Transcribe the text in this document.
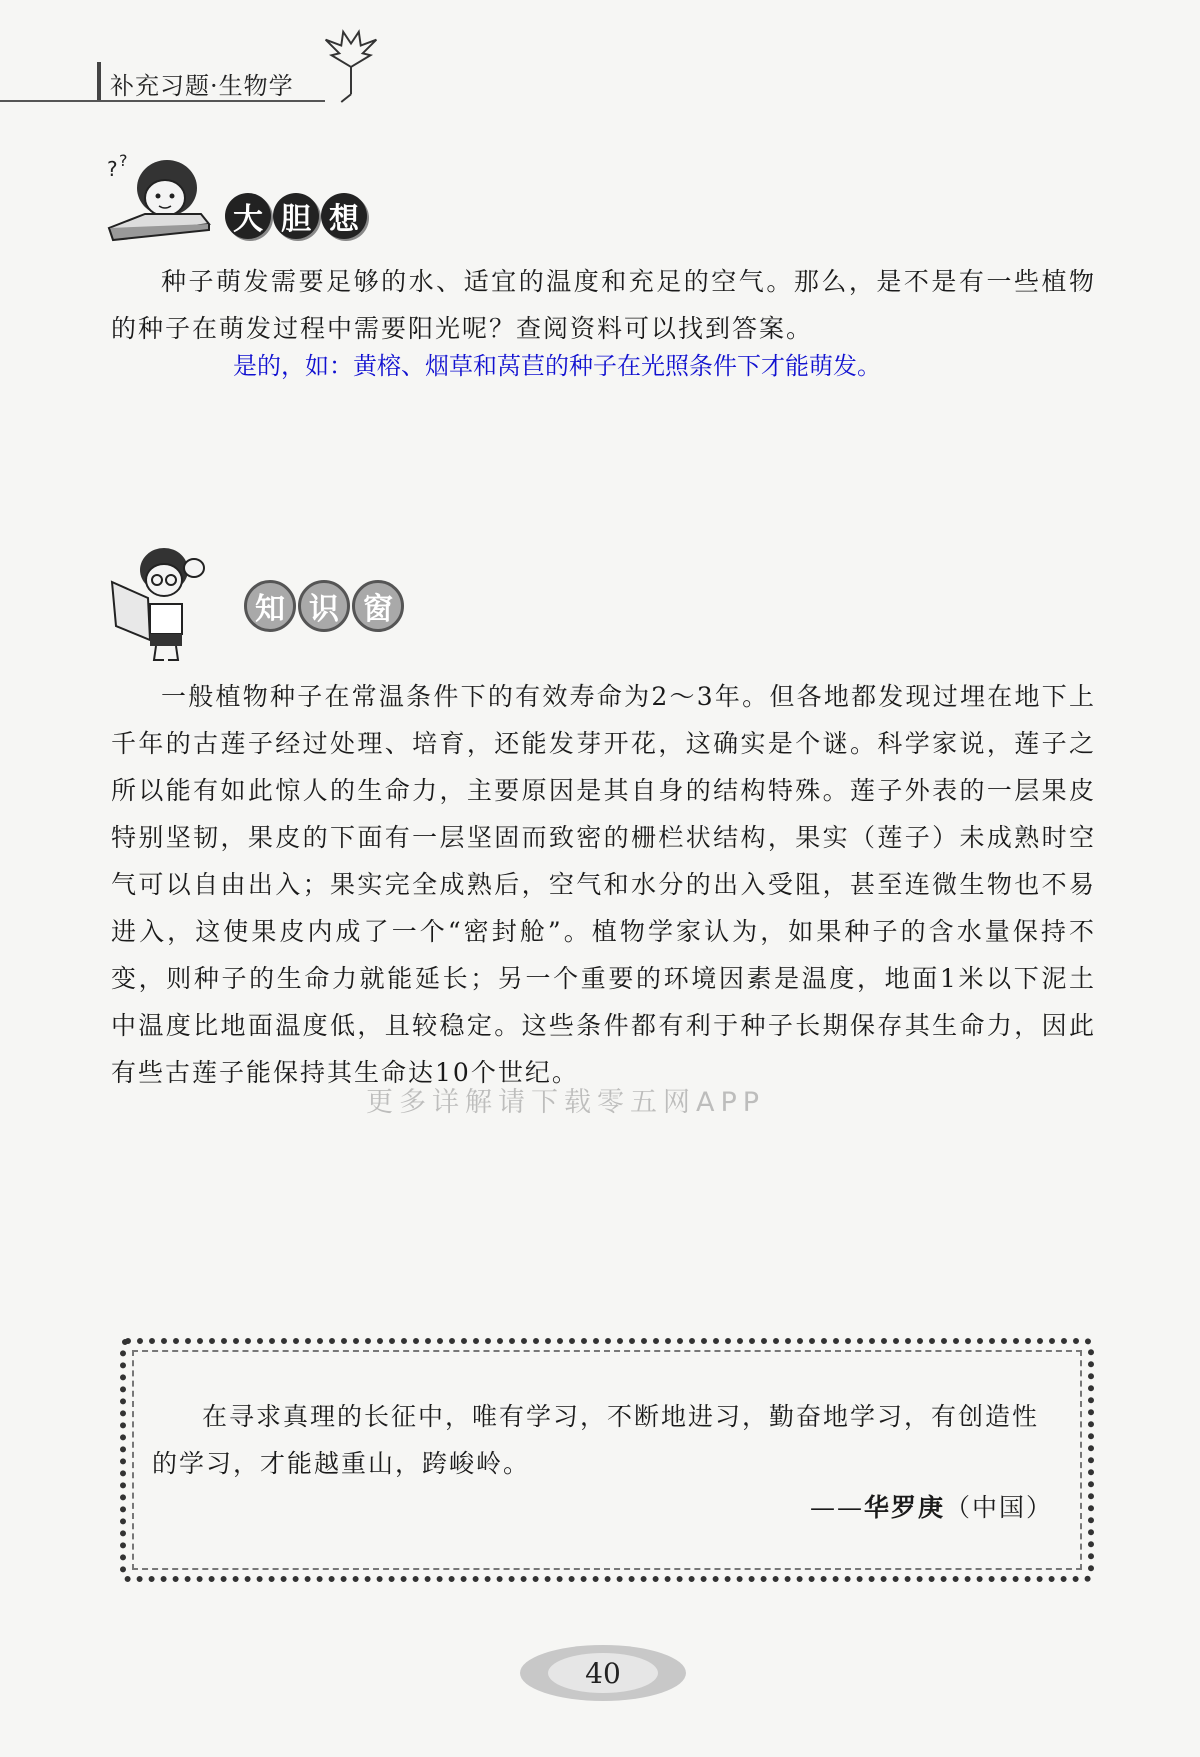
补充习题·生物学
? ?
大 胆 想
种子萌发需要足够的水、适宜的温度和充足的空气。那么，是不是有一些植物的种子在萌发过程中需要阳光呢？查阅资料可以找到答案。
是的，如：黄榕、烟草和莴苣的种子在光照条件下才能萌发。
知 识 窗
一般植物种子在常温条件下的有效寿命为2～3年。但各地都发现过埋在地下上千年的古莲子经过处理、培育，还能发芽开花，这确实是个谜。科学家说，莲子之所以能有如此惊人的生命力，主要原因是其自身的结构特殊。莲子外表的一层果皮特别坚韧，果皮的下面有一层坚固而致密的栅栏状结构，果实（莲子）未成熟时空气可以自由出入；果实完全成熟后，空气和水分的出入受阻，甚至连微生物也不易进入，这使果皮内成了一个“密封舱”。植物学家认为，如果种子的含水量保持不变，则种子的生命力就能延长；另一个重要的环境因素是温度，地面1米以下泥土中温度比地面温度低，且较稳定。这些条件都有利于种子长期保存其生命力，因此有些古莲子能保持其生命达10个世纪。
更多详解请下载零五网APP
在寻求真理的长征中，唯有学习，不断地进习，勤奋地学习，有创造性的学习，才能越重山，跨峻岭。
——华罗庚（中国）
40
